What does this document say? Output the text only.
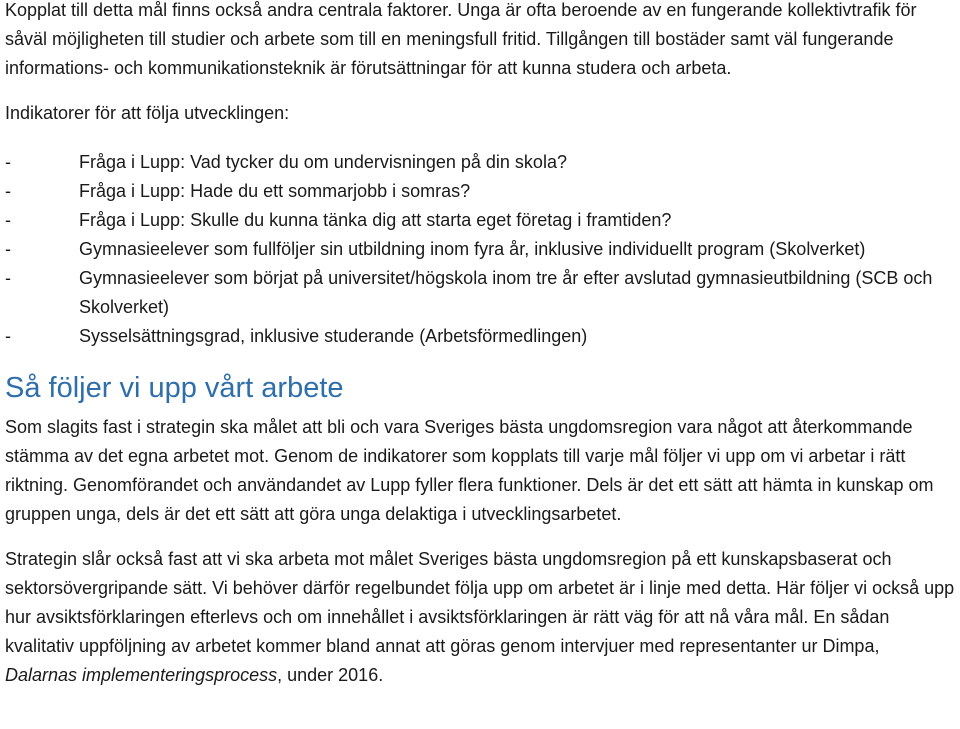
Kopplat till detta mål finns också andra centrala faktorer. Unga är ofta beroende av en fungerande kollektivtrafik för såväl möjligheten till studier och arbete som till en meningsfull fritid. Tillgången till bostäder samt väl fungerande informations- och kommunikationsteknik är förutsättningar för att kunna studera och arbeta.

Indikatorer för att följa utvecklingen:

-	Fråga i Lupp: Vad tycker du om undervisningen på din skola?
-	Fråga i Lupp: Hade du ett sommarjobb i somras?
-	Fråga i Lupp: Skulle du kunna tänka dig att starta eget företag i framtiden?
-	Gymnasieelever som fullföljer sin utbildning inom fyra år, inklusive individuellt program (Skolverket)
-	Gymnasieelever som börjat på universitet/högskola inom tre år efter avslutad gymnasieutbildning (SCB och Skolverket)
-	Sysselsättningsgrad, inklusive studerande (Arbetsförmedlingen)
Så följer vi upp vårt arbete

Som slagits fast i strategin ska målet att bli och vara Sveriges bästa ungdomsregion vara något att återkommande stämma av det egna arbetet mot. Genom de indikatorer som kopplats till varje mål följer vi upp om vi arbetar i rätt riktning. Genomförandet och användandet av Lupp fyller flera funktioner. Dels är det ett sätt att hämta in kunskap om gruppen unga, dels är det ett sätt att göra unga delaktiga i utvecklingsarbetet.

Strategin slår också fast att vi ska arbeta mot målet Sveriges bästa ungdomsregion på ett kunskapsbaserat och sektorsövergripande sätt. Vi behöver därför regelbundet följa upp om arbetet är i linje med detta. Här följer vi också upp hur avsiktsförklaringen efterlevs och om innehållet i avsiktsförklaringen är rätt väg för att nå våra mål. En sådan kvalitativ uppföljning av arbetet kommer bland annat att göras genom intervjuer med representanter ur Dimpa, Dalarnas implementeringsprocess, under 2016.
